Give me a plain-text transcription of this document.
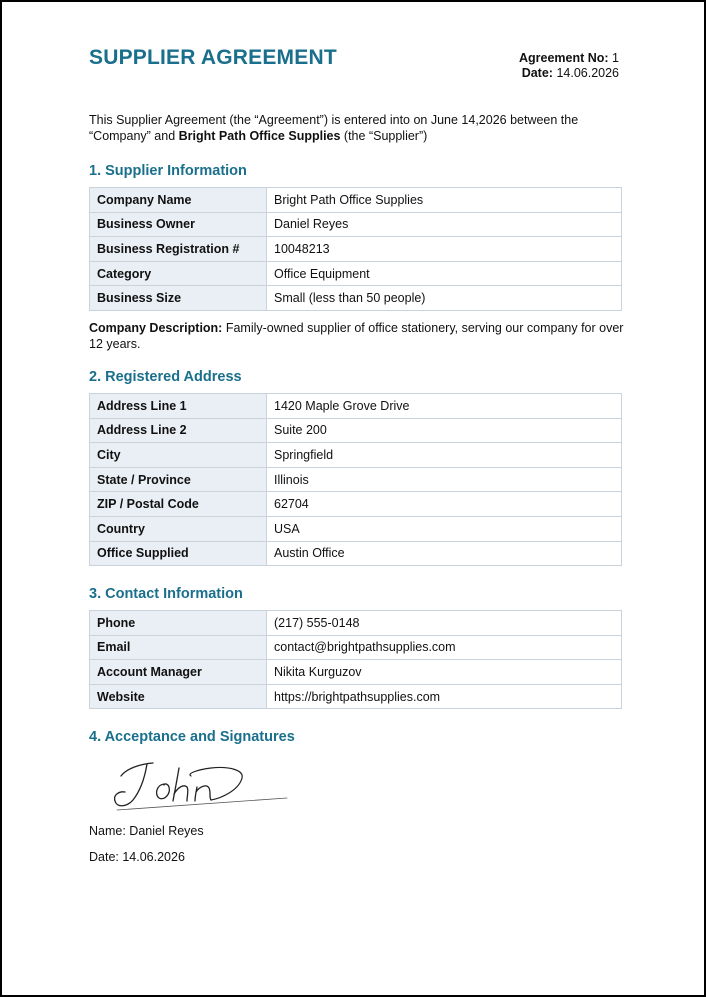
SUPPLIER AGREEMENT	Agreement No: 1
Date: 14.06.2026
This Supplier Agreement (the “Agreement”) is entered into on June 14,2026 between the “Company” and Bright Path Office Supplies (the “Supplier”)
1. Supplier Information
Company Name	Bright Path Office Supplies
Business Owner	Daniel Reyes
Business Registration #	10048213
Category	Office Equipment
Business Size	Small (less than 50 people)
Company Description: Family-owned supplier of office stationery, serving our company for over 12 years.
2. Registered Address
Address Line 1	1420 Maple Grove Drive
Address Line 2	Suite 200
City	Springfield
State / Province	Illinois
ZIP / Postal Code	62704
Country	USA
Office Supplied	Austin Office
3. Contact Information
Phone	(217) 555-0148
Email	contact@brightpathsupplies.com
Account Manager	Nikita Kurguzov
Website	https://brightpathsupplies.com
4. Acceptance and Signatures
Name: Daniel Reyes
Date: 14.06.2026
